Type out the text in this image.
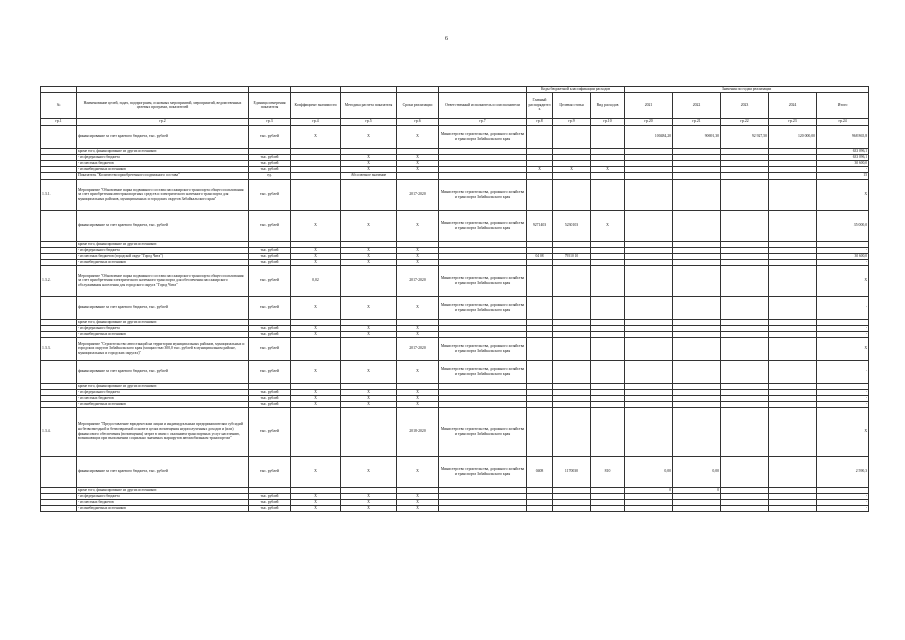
6
							Коды бюджетной классификации расходов			Значения по годам реализации				
№	Наименование целей, задач, подпрограмм, основных мероприятий, мероприятий, ведомственных целевых программ, показателей	Единица измерения показателя	Коэффициент значимости	Методика расчета показателя	Сроки реализации	Ответственный исполнитель и соисполнители	Главный распорядитель	Целевая статья	Вид расходов	2021	2022	2023	2024	Итого
гр.1	гр.2	гр.3	гр.4	гр.5	гр.6	гр.7	гр.8	гр.9	гр.10	гр.20	гр.21	гр.22	гр.23	гр.24
	финансирование за счет краевого бюджета, тыс. рублей	тыс. рублей	X	X	X	Министерство строительства, дорожного хозяйства и транспорта Забайкальского края				100484,20	90691,30	92 927,50	120 000,00	968 865,8
	кроме того, финансирование из других источников:													633 096,1
	- из федерального бюджета	тыс. рублей		X	X									633 096,1
	- из местных бюджетов	тыс. рублей		X	X									30 600,0
	- из внебюджетных источников	тыс. рублей		X	X		X	X	X					-
	Показатель "Количество приобретенного подвижного состава"	ед.		Абсолютное значение										15
1.3.1.	Мероприятие "Обновление парка подвижного состава пассажирского транспорта общего пользования за счет приобретения автотранспортных средств и электрического наземного транспорта для муниципальных районов, муниципальных и городских округов Забайкальского края"	тыс. рублей			2017-2020	Министерство строительства, дорожного хозяйства и транспорта Забайкальского края								X
	финансирование за счет краевого бюджета, тыс. рублей	тыс. рублей	X	X	X	Министерство строительства, дорожного хозяйства и транспорта Забайкальского края	9271403	5230103	X					35 000,0
	кроме того, финансирование из других источников:													
	- из федерального бюджета	тыс. рублей	X	X	X									-
	- из местных бюджетов (городской округ "Город Чита")	тыс. рублей	X	X	X		04 08	79510 10						30 600,0
	- из внебюджетных источников	тыс. рублей	X	X	X									-
1.3.2.	Мероприятие "Обновление парка подвижного состава пассажирского транспорта общего пользования за счет приобретения электрического наземного транспорта для обеспечения пассажирского обслуживания населения для городского округа "Город Чита"	тыс. рублей	0,02		2017-2020	Министерство строительства, дорожного хозяйства и транспорта Забайкальского края								X
	финансирование за счет краевого бюджета, тыс. рублей	тыс. рублей	X	X	X	Министерство строительства, дорожного хозяйства и транспорта Забайкальского края								-
	кроме того, финансирование из других источников:													
	- из федерального бюджета	тыс. рублей	X	X	X									-
	- из внебюджетных источников	тыс. рублей	X	X	X									-
1.3.3.	Мероприятие "Строительство автостанций на территории муниципальных районов, муниципальных и городских округов Забайкальского края (мощностью 300,0 тыс. рублей в муниципальном районе, муниципальных и городских округах)"	тыс. рублей			2017-2020	Министерство строительства, дорожного хозяйства и транспорта Забайкальского края								X
	финансирование за счет краевого бюджета, тыс. рублей	тыс. рублей	X	X	X	Министерство строительства, дорожного хозяйства и транспорта Забайкальского края								-
	кроме того, финансирование из других источников:													
	- из федерального бюджета	тыс. рублей	X	X	X									-
	- из местных бюджетов	тыс. рублей	X	X	X									-
	- из внебюджетных источников	тыс. рублей	X	X	X									-
1.3.4.	Мероприятие "Предоставление юридическим лицам и индивидуальным предпринимателям субсидий на безвозмездной и безвозвратной основе в целях возмещения недополученных доходов и (или) финансового обеспечения (возмещения) затрат в связи с оказанием транспортных услуг населению, возникающих при выполнении социально значимых маршрутов автомобильным транспортом"	тыс. рублей			2018-2020	Министерство строительства, дорожного хозяйства и транспорта Забайкальского края								X
	финансирование за счет краевого бюджета, тыс. рублей	тыс. рублей	X	X	X	Министерство строительства, дорожного хозяйства и транспорта Забайкальского края	0408	1170030	810	0,00	0,00			2 590,3
	кроме того, финансирование из других источников:									0	0			
	- из федерального бюджета	тыс. рублей	X	X	X									-
	- из местных бюджетов	тыс. рублей	X	X	X									-
	- из внебюджетных источников	тыс. рублей	X	X	X									-
